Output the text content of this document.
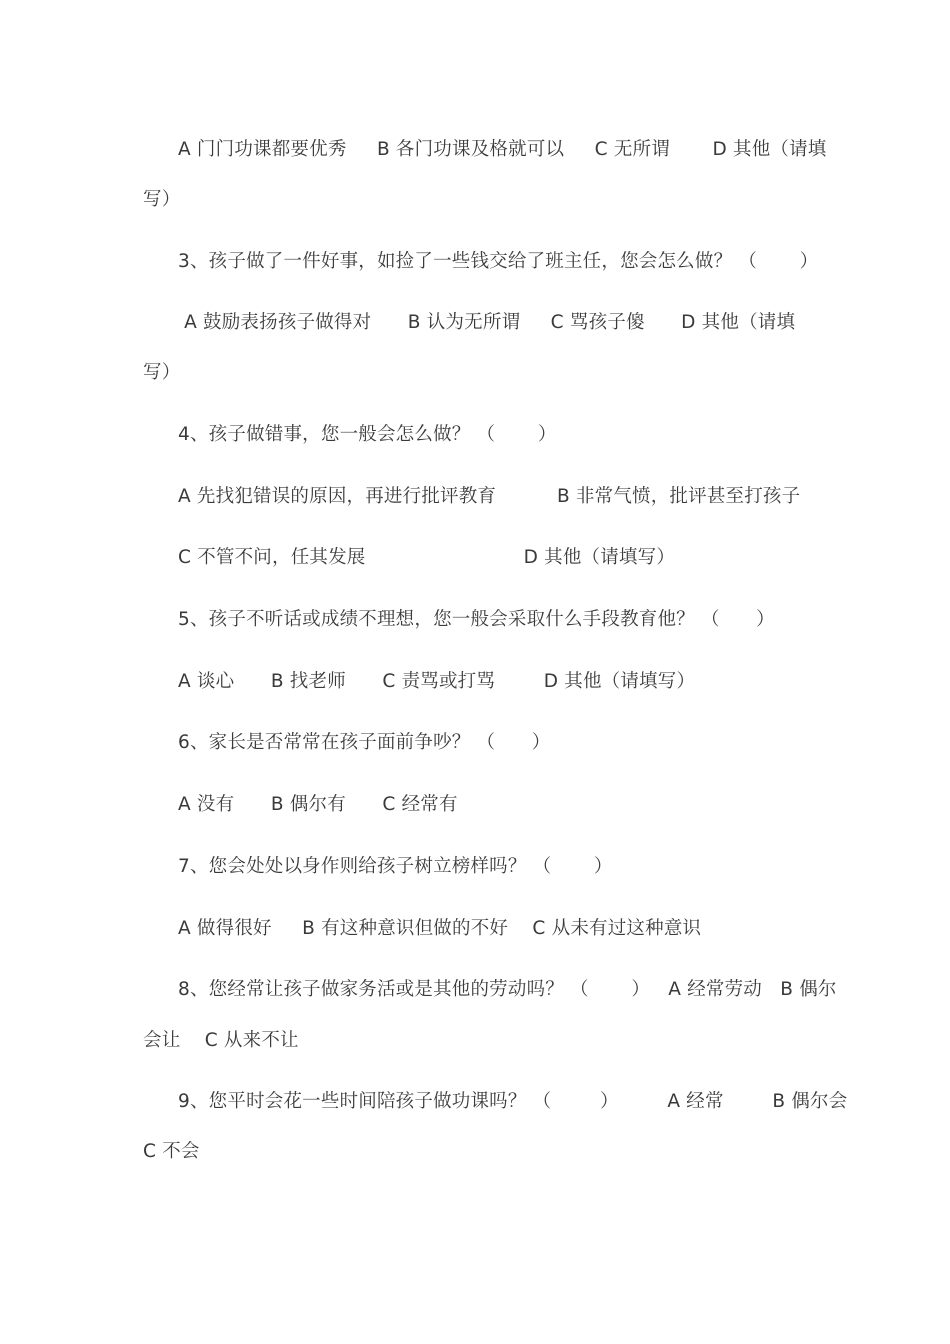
A 门门功课都要优秀     B 各门功课及格就可以     C 无所谓       D 其他（请填
写）
3、孩子做了一件好事，如捡了一些钱交给了班主任，您会怎么做？ （       ）
A 鼓励表扬孩子做得对      B 认为无所谓     C 骂孩子傻      D 其他（请填
写）
4、孩子做错事，您一般会怎么做？ （       ）
A 先找犯错误的原因，再进行批评教育          B 非常气愤，批评甚至打孩子
C 不管不问，任其发展                          D 其他（请填写）
5、孩子不听话或成绩不理想，您一般会采取什么手段教育他？ （      ）
A 谈心      B 找老师      C 责骂或打骂        D 其他（请填写）
6、家长是否常常在孩子面前争吵？ （      ）
A 没有      B 偶尔有      C 经常有
7、您会处处以身作则给孩子树立榜样吗？ （       ）
A 做得很好     B 有这种意识但做的不好    C 从未有过这种意识
8、您经常让孩子做家务活或是其他的劳动吗？ （       ）   A 经常劳动   B 偶尔
会让    C 从来不让
9、您平时会花一些时间陪孩子做功课吗？ （        ）        A 经常        B 偶尔会
C 不会
